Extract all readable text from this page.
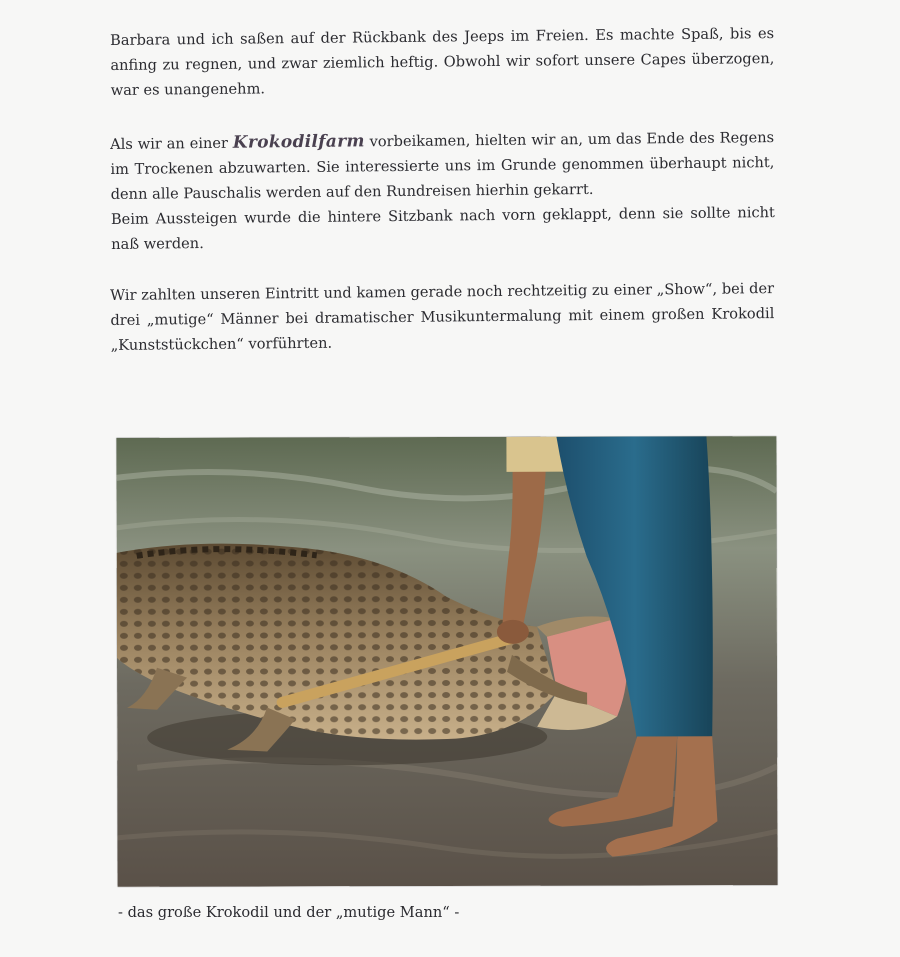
Barbara und ich saßen auf der Rückbank des Jeeps im Freien. Es machte Spaß, bis es anfing zu regnen, und zwar ziemlich heftig. Obwohl wir sofort unsere Capes überzogen, war es unangenehm.
Als wir an einer Krokodilfarm vorbeikamen, hielten wir an, um das Ende des Regens im Trockenen abzuwarten. Sie interessierte uns im Grunde genommen überhaupt nicht, denn alle Pauschalis werden auf den Rundreisen hierhin gekarrt.
Beim Aussteigen wurde die hintere Sitzbank nach vorn geklappt, denn sie sollte nicht naß werden.
Wir zahlten unseren Eintritt und kamen gerade noch rechtzeitig zu einer „Show“, bei der drei „mutige“ Männer bei dramatischer Musikuntermalung mit einem großen Krokodil „Kunststückchen“ vorführten.
- das große Krokodil und der „mutige Mann“ -
